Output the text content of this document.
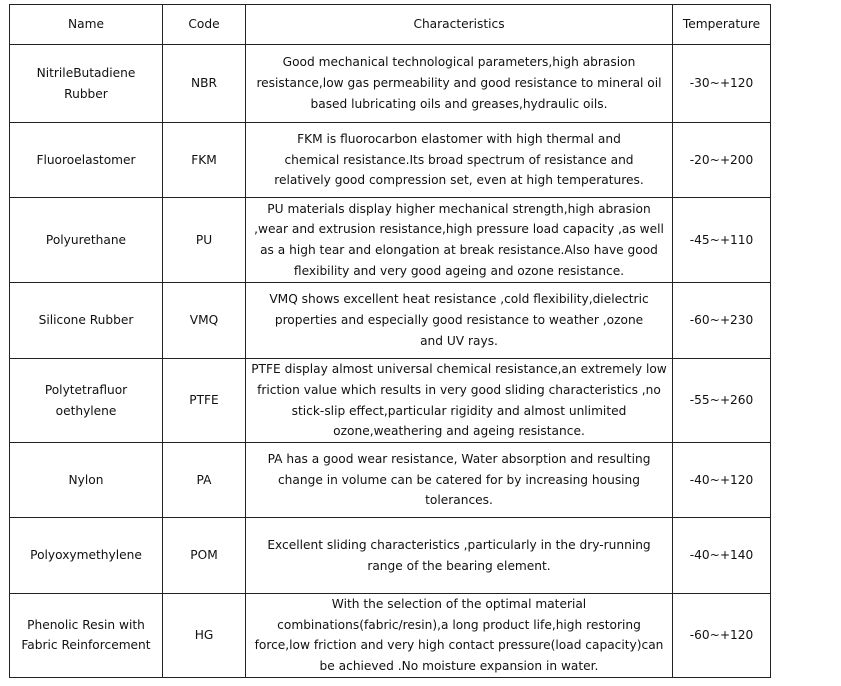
Name	Code	Characteristics	Temperature
NitrileButadiene Rubber	NBR	Good mechanical technological parameters,high abrasion resistance,low gas permeability and good resistance to mineral oil based lubricating oils and greases,hydraulic oils.	-30~+120
Fluoroelastomer	FKM	FKM is fluorocarbon elastomer with high thermal and chemical resistance.Its broad spectrum of resistance and relatively good compression set, even at high temperatures.	-20~+200
Polyurethane	PU	PU materials display higher mechanical strength,high abrasion ,wear and extrusion resistance,high pressure load capacity ,as well as a high tear and elongation at break resistance.Also have good flexibility and very good ageing and ozone resistance.	-45~+110
Silicone Rubber	VMQ	VMQ shows excellent heat resistance ,cold flexibility,dielectric properties and especially good resistance to weather ,ozone and UV rays.	-60~+230
Polytetrafluor oethylene	PTFE	PTFE display almost universal chemical resistance,an extremely low friction value which results in very good sliding characteristics ,no stick-slip effect,particular rigidity and almost unlimited ozone,weathering and ageing resistance.	-55~+260
Nylon	PA	PA has a good wear resistance, Water absorption and resulting change in volume can be catered for by increasing housing tolerances.	-40~+120
Polyoxymethylene	POM	Excellent sliding characteristics ,particularly in the dry-running range of the bearing element.	-40~+140
Phenolic Resin with Fabric Reinforcement	HG	With the selection of the optimal material combinations(fabric/resin),a long product life,high restoring force,low friction and very high contact pressure(load capacity)can be achieved .No moisture expansion in water.	-60~+120
